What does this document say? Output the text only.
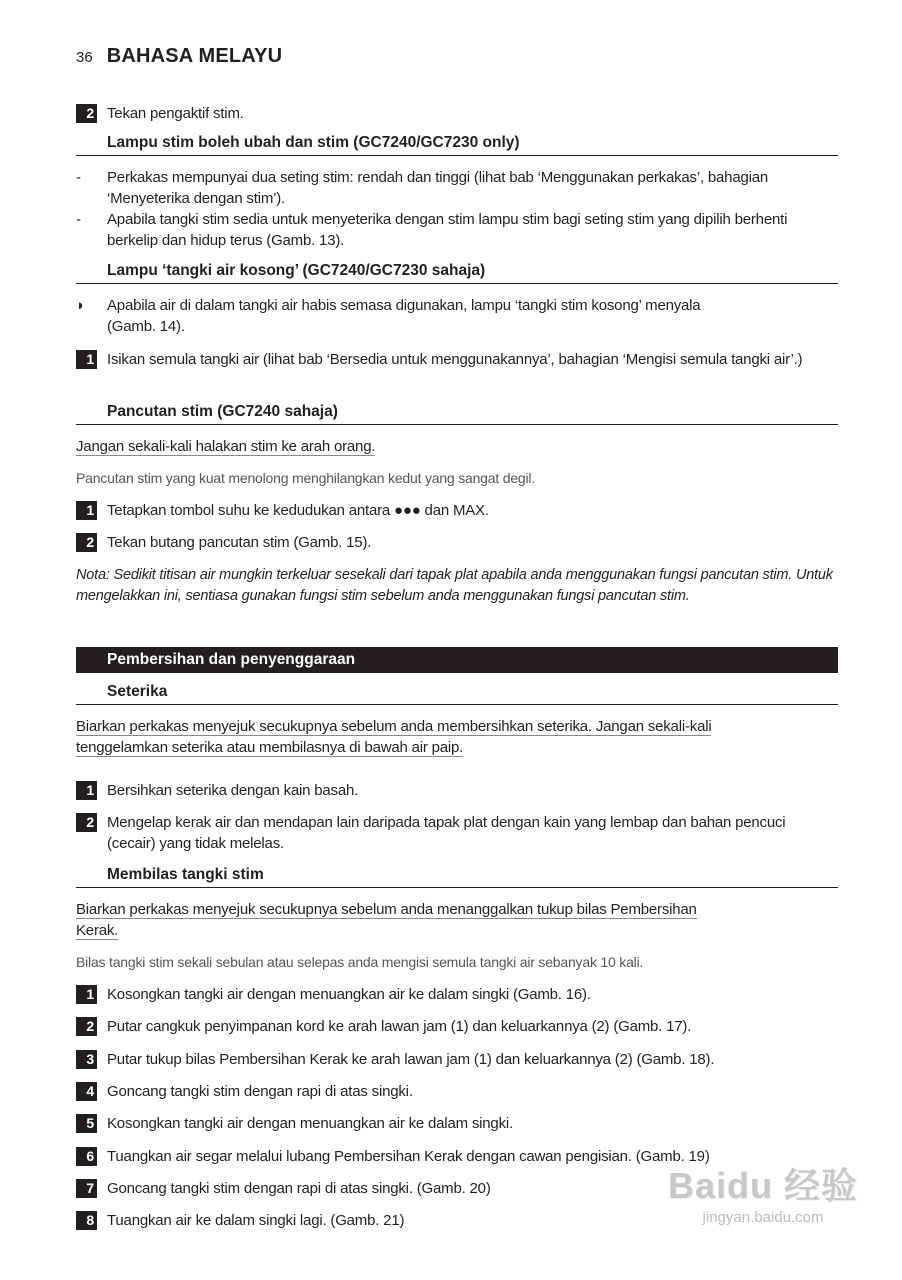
36 BAHASA MELAYU
2 Tekan pengaktif stim.
Lampu stim boleh ubah dan stim (GC7240/GC7230 only)
-	Perkakas mempunyai dua seting stim: rendah dan tinggi (lihat bab ‘Menggunakan perkakas’, bahagian ‘Menyeterika dengan stim’).
-	Apabila tangki stim sedia untuk menyeterika dengan stim lampu stim bagi seting stim yang dipilih berhenti berkelip dan hidup terus (Gamb. 13).
Lampu ‘tangki air kosong’ (GC7240/GC7230 sahaja)
◗	Apabila air di dalam tangki air habis semasa digunakan, lampu ‘tangki stim kosong’ menyala (Gamb. 14).
1 Isikan semula tangki air (lihat bab ‘Bersedia untuk menggunakannya’, bahagian ‘Mengisi semula tangki air’.)
Pancutan stim (GC7240 sahaja)
Jangan sekali-kali halakan stim ke arah orang.
Pancutan stim yang kuat menolong menghilangkan kedut yang sangat degil.
1 Tetapkan tombol suhu ke kedudukan antara ●●● dan MAX.
2 Tekan butang pancutan stim (Gamb. 15).
Nota: Sedikit titisan air mungkin terkeluar sesekali dari tapak plat apabila anda menggunakan fungsi pancutan stim. Untuk mengelakkan ini, sentiasa gunakan fungsi stim sebelum anda menggunakan fungsi pancutan stim.
Pembersihan dan penyenggaraan
Seterika
Biarkan perkakas menyejuk secukupnya sebelum anda membersihkan seterika. Jangan sekali-kali
tenggelamkan seterika atau membilasnya di bawah air paip.
1 Bersihkan seterika dengan kain basah.
2 Mengelap kerak air dan mendapan lain daripada tapak plat dengan kain yang lembap dan bahan pencuci (cecair) yang tidak melelas.
Membilas tangki stim
Biarkan perkakas menyejuk secukupnya sebelum anda menanggalkan tukup bilas Pembersihan
Kerak.
Bilas tangki stim sekali sebulan atau selepas anda mengisi semula tangki air sebanyak 10 kali.
1 Kosongkan tangki air dengan menuangkan air ke dalam singki (Gamb. 16).
2 Putar cangkuk penyimpanan kord ke arah lawan jam (1) dan keluarkannya (2) (Gamb. 17).
3 Putar tukup bilas Pembersihan Kerak ke arah lawan jam (1) dan keluarkannya (2) (Gamb. 18).
4 Goncang tangki stim dengan rapi di atas singki.
5 Kosongkan tangki air dengan menuangkan air ke dalam singki.
6 Tuangkan air segar melalui lubang Pembersihan Kerak dengan cawan pengisian. (Gamb. 19)
7 Goncang tangki stim dengan rapi di atas singki. (Gamb. 20)
8 Tuangkan air ke dalam singki lagi. (Gamb. 21)
Baidu 经验
jingyan.baidu.com
